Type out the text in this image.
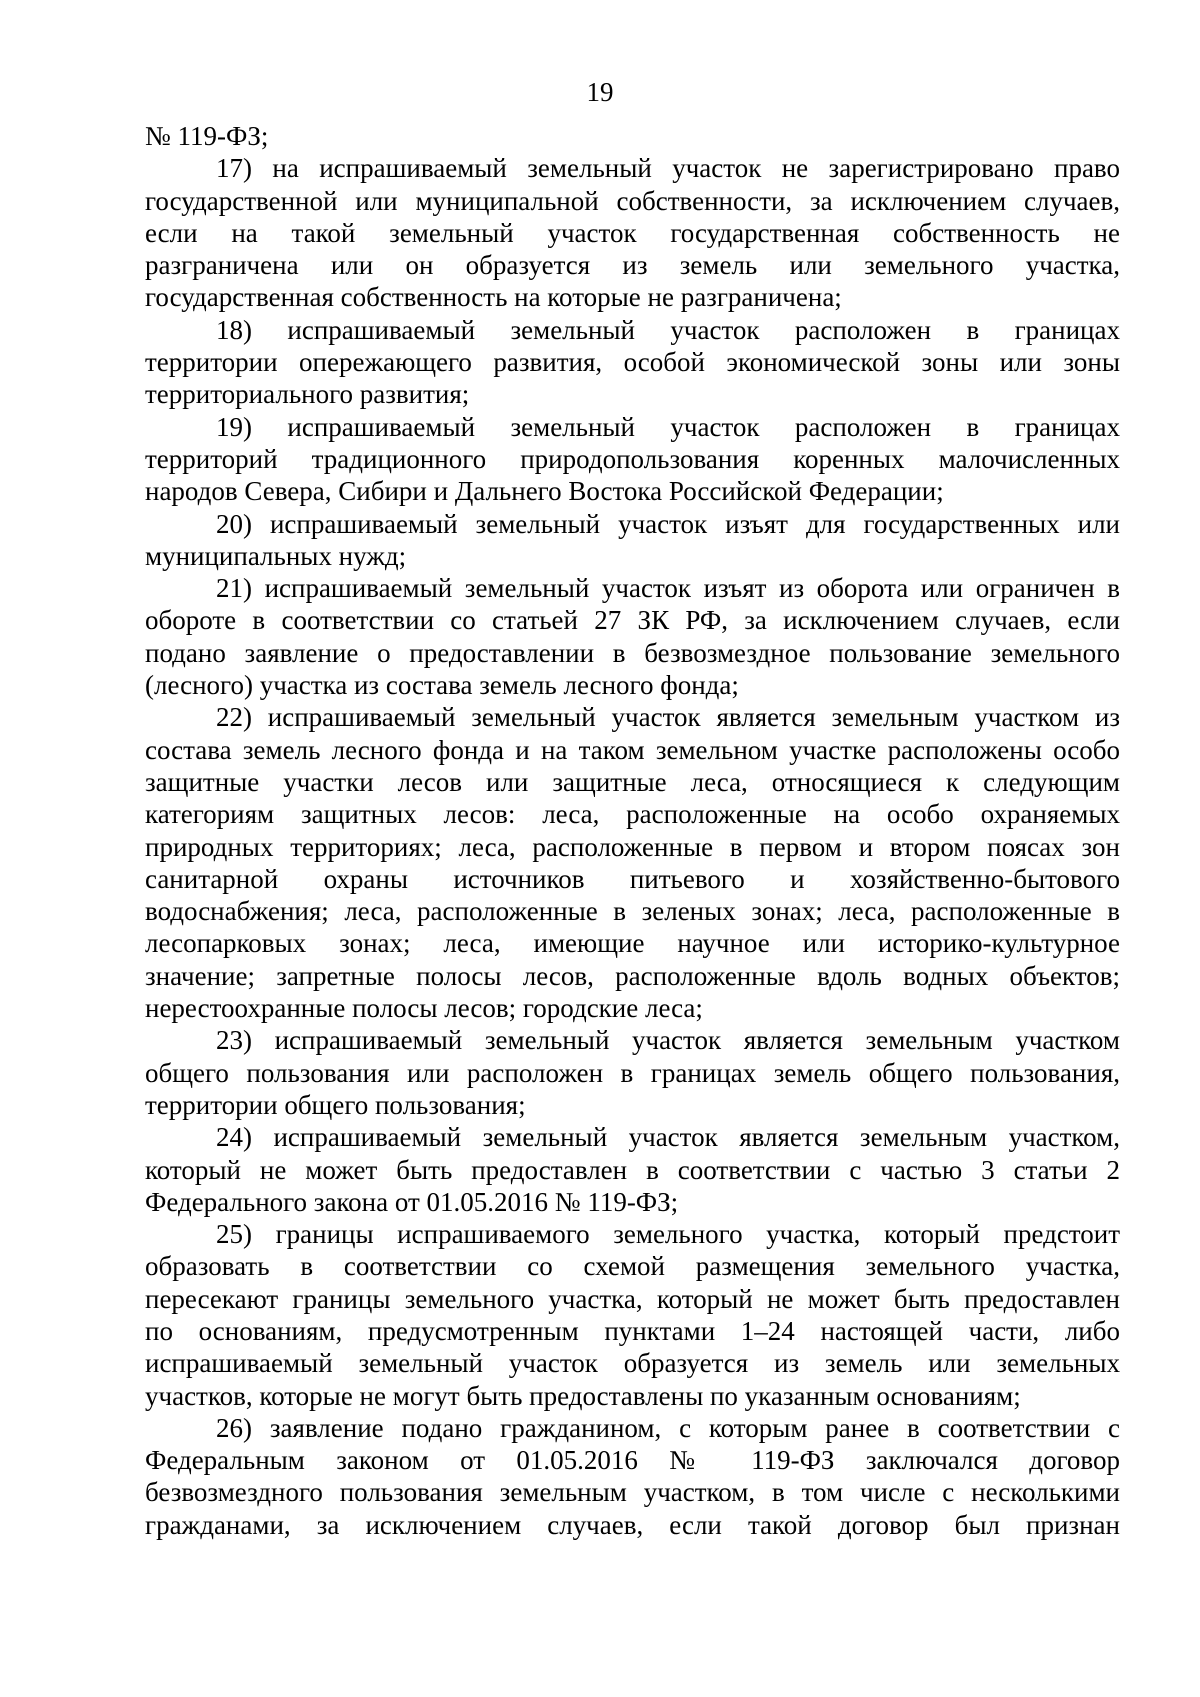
19
№ 119-ФЗ;
17) на испрашиваемый земельный участок не зарегистрировано право
государственной или муниципальной собственности, за исключением случаев,
если на такой земельный участок государственная собственность не
разграничена или он образуется из земель или земельного участка,
государственная собственность на которые не разграничена;
18) испрашиваемый земельный участок расположен в границах
территории опережающего развития, особой экономической зоны или зоны
территориального развития;
19) испрашиваемый земельный участок расположен в границах
территорий традиционного природопользования коренных малочисленных
народов Севера, Сибири и Дальнего Востока Российской Федерации;
20) испрашиваемый земельный участок изъят для государственных или
муниципальных нужд;
21) испрашиваемый земельный участок изъят из оборота или ограничен в
обороте в соответствии со статьей 27 ЗК РФ, за исключением случаев, если
подано заявление о предоставлении в безвозмездное пользование земельного
(лесного) участка из состава земель лесного фонда;
22) испрашиваемый земельный участок является земельным участком из
состава земель лесного фонда и на таком земельном участке расположены особо
защитные участки лесов или защитные леса, относящиеся к следующим
категориям защитных лесов: леса, расположенные на особо охраняемых
природных территориях; леса, расположенные в первом и втором поясах зон
санитарной охраны источников питьевого и хозяйственно-бытового
водоснабжения; леса, расположенные в зеленых зонах; леса, расположенные в
лесопарковых зонах; леса, имеющие научное или историко-культурное
значение; запретные полосы лесов, расположенные вдоль водных объектов;
нерестоохранные полосы лесов; городские леса;
23) испрашиваемый земельный участок является земельным участком
общего пользования или расположен в границах земель общего пользования,
территории общего пользования;
24) испрашиваемый земельный участок является земельным участком,
который не может быть предоставлен в соответствии с частью 3 статьи 2
Федерального закона от 01.05.2016 № 119-ФЗ;
25) границы испрашиваемого земельного участка, который предстоит
образовать в соответствии со схемой размещения земельного участка,
пересекают границы земельного участка, который не может быть предоставлен
по основаниям, предусмотренным пунктами 1–24 настоящей части, либо
испрашиваемый земельный участок образуется из земель или земельных
участков, которые не могут быть предоставлены по указанным основаниям;
26) заявление подано гражданином, с которым ранее в соответствии с
Федеральным законом от 01.05.2016 № 119-ФЗ заключался договор
безвозмездного пользования земельным участком, в том числе с несколькими
гражданами, за исключением случаев, если такой договор был признан
